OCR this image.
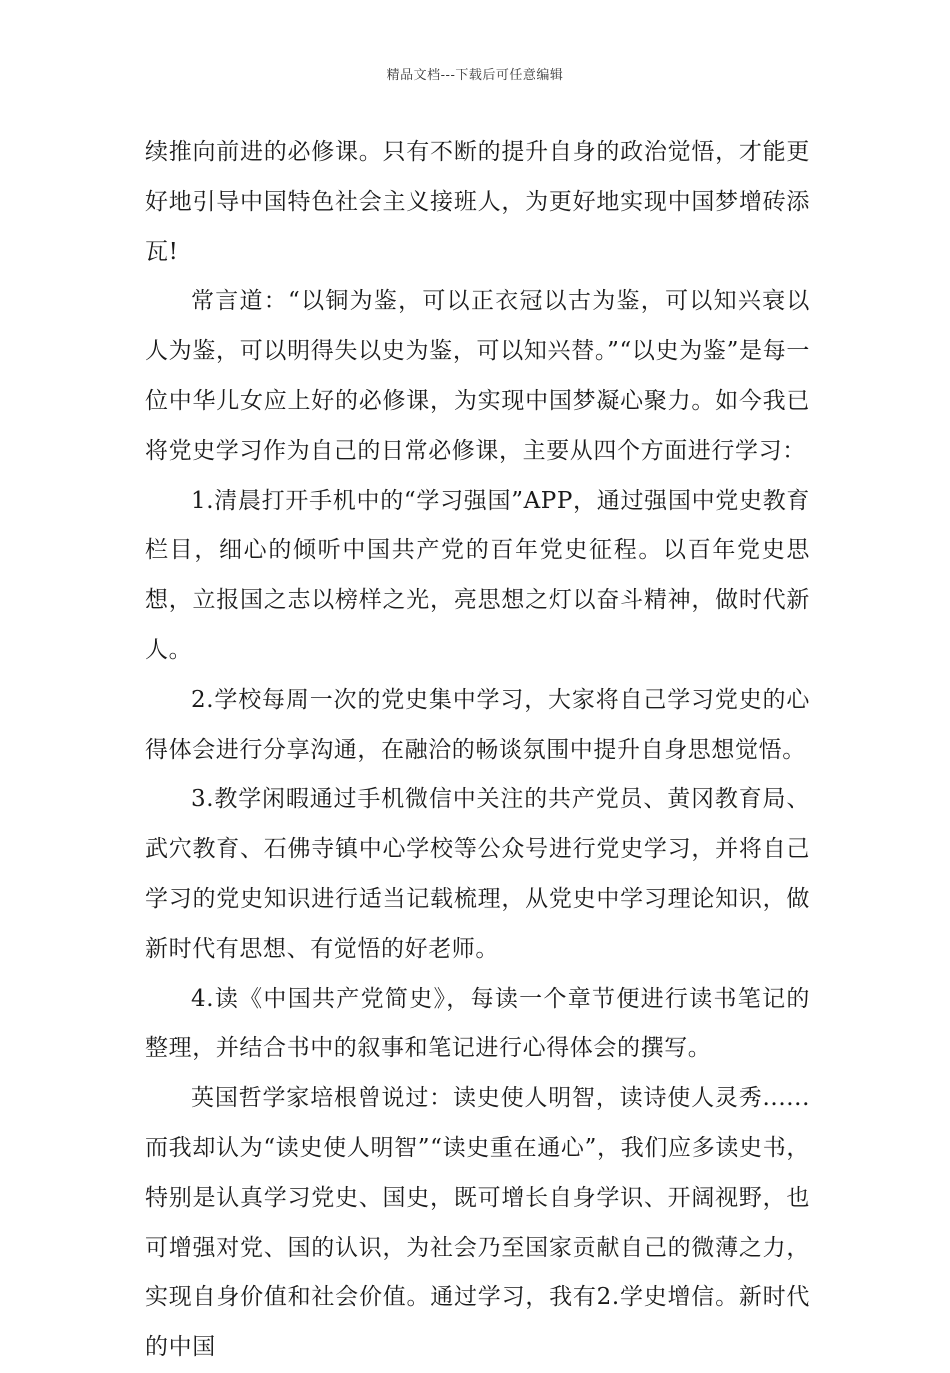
精品文档---下载后可任意编辑

续推向前进的必修课。只有不断的提升自身的政治觉悟，才能更好地引导中国特色社会主义接班人，为更好地实现中国梦增砖添瓦!

常言道：“以铜为鉴，可以正衣冠以古为鉴，可以知兴衰以人为鉴，可以明得失以史为鉴，可以知兴替。”“以史为鉴”是每一位中华儿女应上好的必修课，为实现中国梦凝心聚力。如今我已将党史学习作为自己的日常必修课，主要从四个方面进行学习：

1.清晨打开手机中的“学习强国”APP，通过强国中党史教育栏目，细心的倾听中国共产党的百年党史征程。以百年党史思想，立报国之志以榜样之光，亮思想之灯以奋斗精神，做时代新人。

2.学校每周一次的党史集中学习，大家将自己学习党史的心得体会进行分享沟通，在融洽的畅谈氛围中提升自身思想觉悟。

3.教学闲暇通过手机微信中关注的共产党员、黄冈教育局、武穴教育、石佛寺镇中心学校等公众号进行党史学习，并将自己学习的党史知识进行适当记载梳理，从党史中学习理论知识，做新时代有思想、有觉悟的好老师。

4.读《中国共产党简史》，每读一个章节便进行读书笔记的整理，并结合书中的叙事和笔记进行心得体会的撰写。

英国哲学家培根曾说过：读史使人明智，读诗使人灵秀......而我却认为“读史使人明智”“读史重在通心”，我们应多读史书，特别是认真学习党史、国史，既可增长自身学识、开阔视野，也可增强对党、国的认识，为社会乃至国家贡献自己的微薄之力，实现自身价值和社会价值。通过学习，我有2.学史增信。新时代的中国
